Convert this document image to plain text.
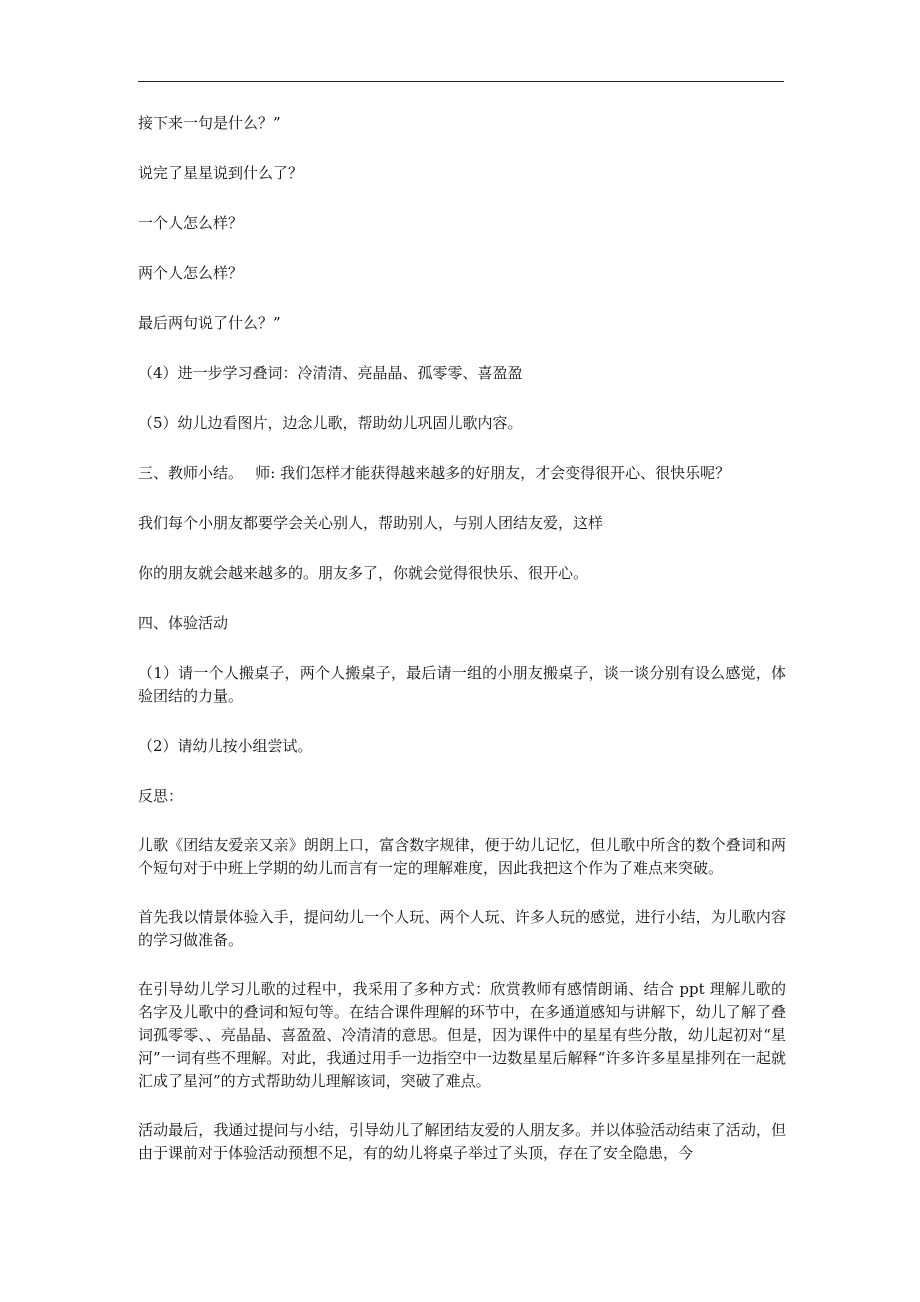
接下来一句是什么？”

说完了星星说到什么了？

一个人怎么样？

两个人怎么样？

最后两句说了什么？”

（4）进一步学习叠词：冷清清、亮晶晶、孤零零、喜盈盈

（5）幼儿边看图片，边念儿歌，帮助幼儿巩固儿歌内容。

三、教师小结。　 师: 我们怎样才能获得越来越多的好朋友，才会变得很开心、很快乐呢？

我们每个小朋友都要学会关心别人，帮助别人，与别人团结友爱，这样

你的朋友就会越来越多的。朋友多了，你就会觉得很快乐、很开心。

四、体验活动

（1）请一个人搬桌子，两个人搬桌子，最后请一组的小朋友搬桌子，谈一谈分别有设么感觉，体验团结的力量。

（2）请幼儿按小组尝试。

反思：

儿歌《团结友爱亲又亲》朗朗上口，富含数字规律，便于幼儿记忆，但儿歌中所含的数个叠词和两个短句对于中班上学期的幼儿而言有一定的理解难度，因此我把这个作为了难点来突破。

首先我以情景体验入手，提问幼儿一个人玩、两个人玩、许多人玩的感觉，进行小结，为儿歌内容的学习做准备。

在引导幼儿学习儿歌的过程中，我采用了多种方式：欣赏教师有感情朗诵、结合 ppt 理解儿歌的名字及儿歌中的叠词和短句等。在结合课件理解的环节中，在多通道感知与讲解下，幼儿了解了叠词孤零零、、亮晶晶、喜盈盈、冷清清的意思。但是，因为课件中的星星有些分散，幼儿起初对“星河”一词有些不理解。对此，我通过用手一边指空中一边数星星后解释“许多许多星星排列在一起就汇成了星河”的方式帮助幼儿理解该词，突破了难点。

活动最后，我通过提问与小结，引导幼儿了解团结友爱的人朋友多。并以体验活动结束了活动，但由于课前对于体验活动预想不足，有的幼儿将桌子举过了头顶，存在了安全隐患，今
